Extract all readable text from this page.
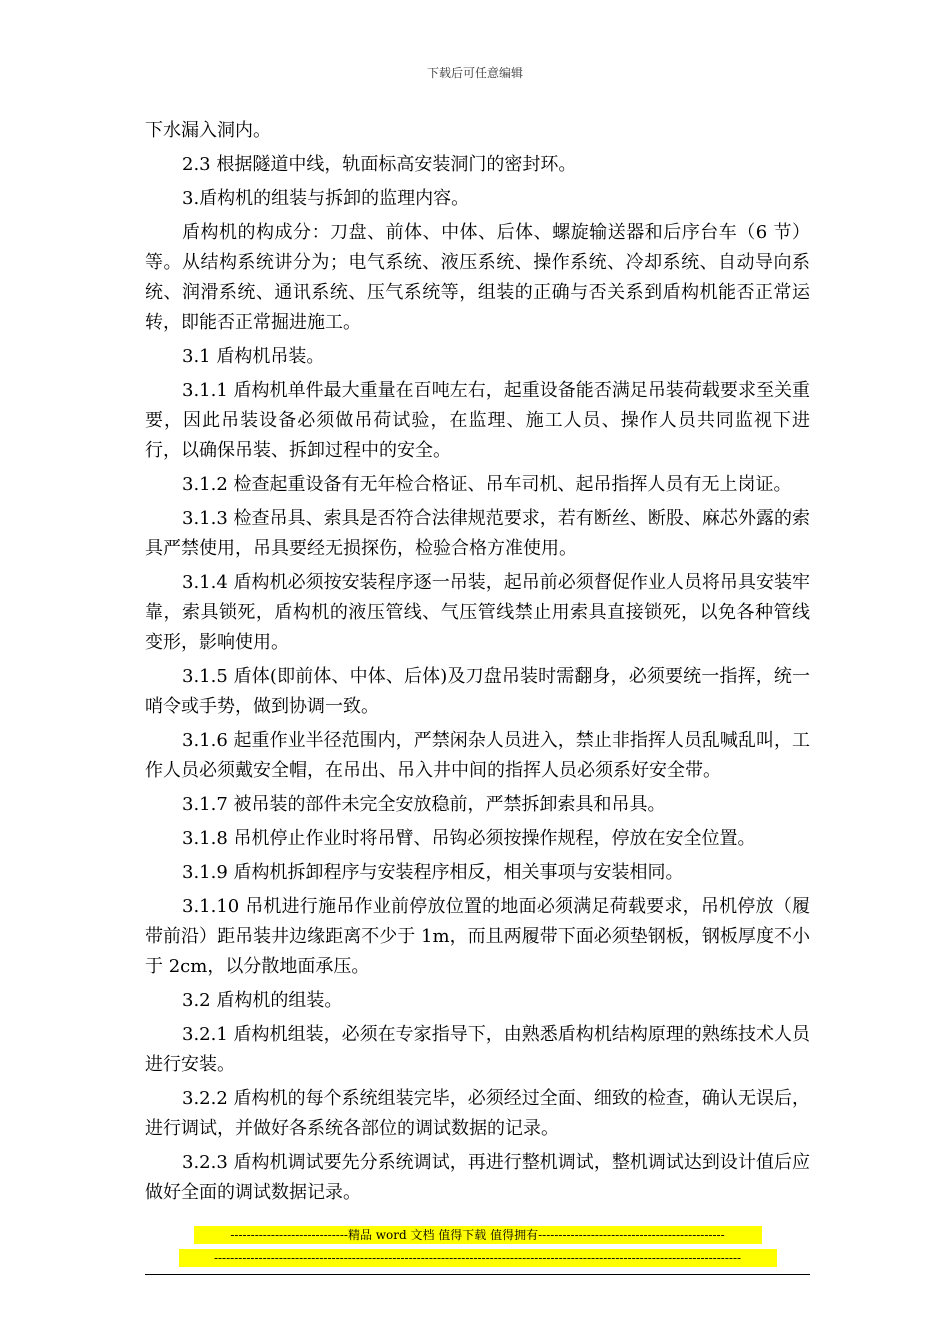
下载后可任意编辑

下水漏入洞内。

2.3 根据隧道中线，轨面标高安装洞门的密封环。

3.盾构机的组装与拆卸的监理内容。

盾构机的构成分：刀盘、前体、中体、后体、螺旋输送器和后序台车（6 节）等。从结构系统讲分为；电气系统、液压系统、操作系统、冷却系统、自动导向系统、润滑系统、通讯系统、压气系统等，组装的正确与否关系到盾构机能否正常运转，即能否正常掘进施工。

3.1 盾构机吊装。

3.1.1 盾构机单件最大重量在百吨左右，起重设备能否满足吊装荷载要求至关重要，因此吊装设备必须做吊荷试验，在监理、施工人员、操作人员共同监视下进行，以确保吊装、拆卸过程中的安全。

3.1.2 检查起重设备有无年检合格证、吊车司机、起吊指挥人员有无上岗证。

3.1.3 检查吊具、索具是否符合法律规范要求，若有断丝、断股、麻芯外露的索具严禁使用，吊具要经无损探伤，检验合格方准使用。

3.1.4 盾构机必须按安装程序逐一吊装，起吊前必须督促作业人员将吊具安装牢靠，索具锁死，盾构机的液压管线、气压管线禁止用索具直接锁死，以免各种管线变形，影响使用。

3.1.5 盾体(即前体、中体、后体)及刀盘吊装时需翻身，必须要统一指挥，统一哨令或手势，做到协调一致。

3.1.6 起重作业半径范围内，严禁闲杂人员进入，禁止非指挥人员乱喊乱叫，工作人员必须戴安全帽，在吊出、吊入井中间的指挥人员必须系好安全带。

3.1.7 被吊装的部件未完全安放稳前，严禁拆卸索具和吊具。

3.1.8 吊机停止作业时将吊臂、吊钩必须按操作规程，停放在安全位置。

3.1.9 盾构机拆卸程序与安装程序相反，相关事项与安装相同。

3.1.10 吊机进行施吊作业前停放位置的地面必须满足荷载要求，吊机停放（履带前沿）距吊装井边缘距离不少于 1m，而且两履带下面必须垫钢板，钢板厚度不小于 2cm，以分散地面承压。

3.2 盾构机的组装。

3.2.1 盾构机组装，必须在专家指导下，由熟悉盾构机结构原理的熟练技术人员进行安装。

3.2.2 盾构机的每个系统组装完毕，必须经过全面、细致的检查，确认无误后，进行调试，并做好各系统各部位的调试数据的记录。

3.2.3 盾构机调试要先分系统调试，再进行整机调试，整机调试达到设计值后应做好全面的调试数据记录。

-----------------------------精品 word 文档 值得下载 值得拥有----------------------------------------------
----------------------------------------------------------------------------------------------------------------------------------
